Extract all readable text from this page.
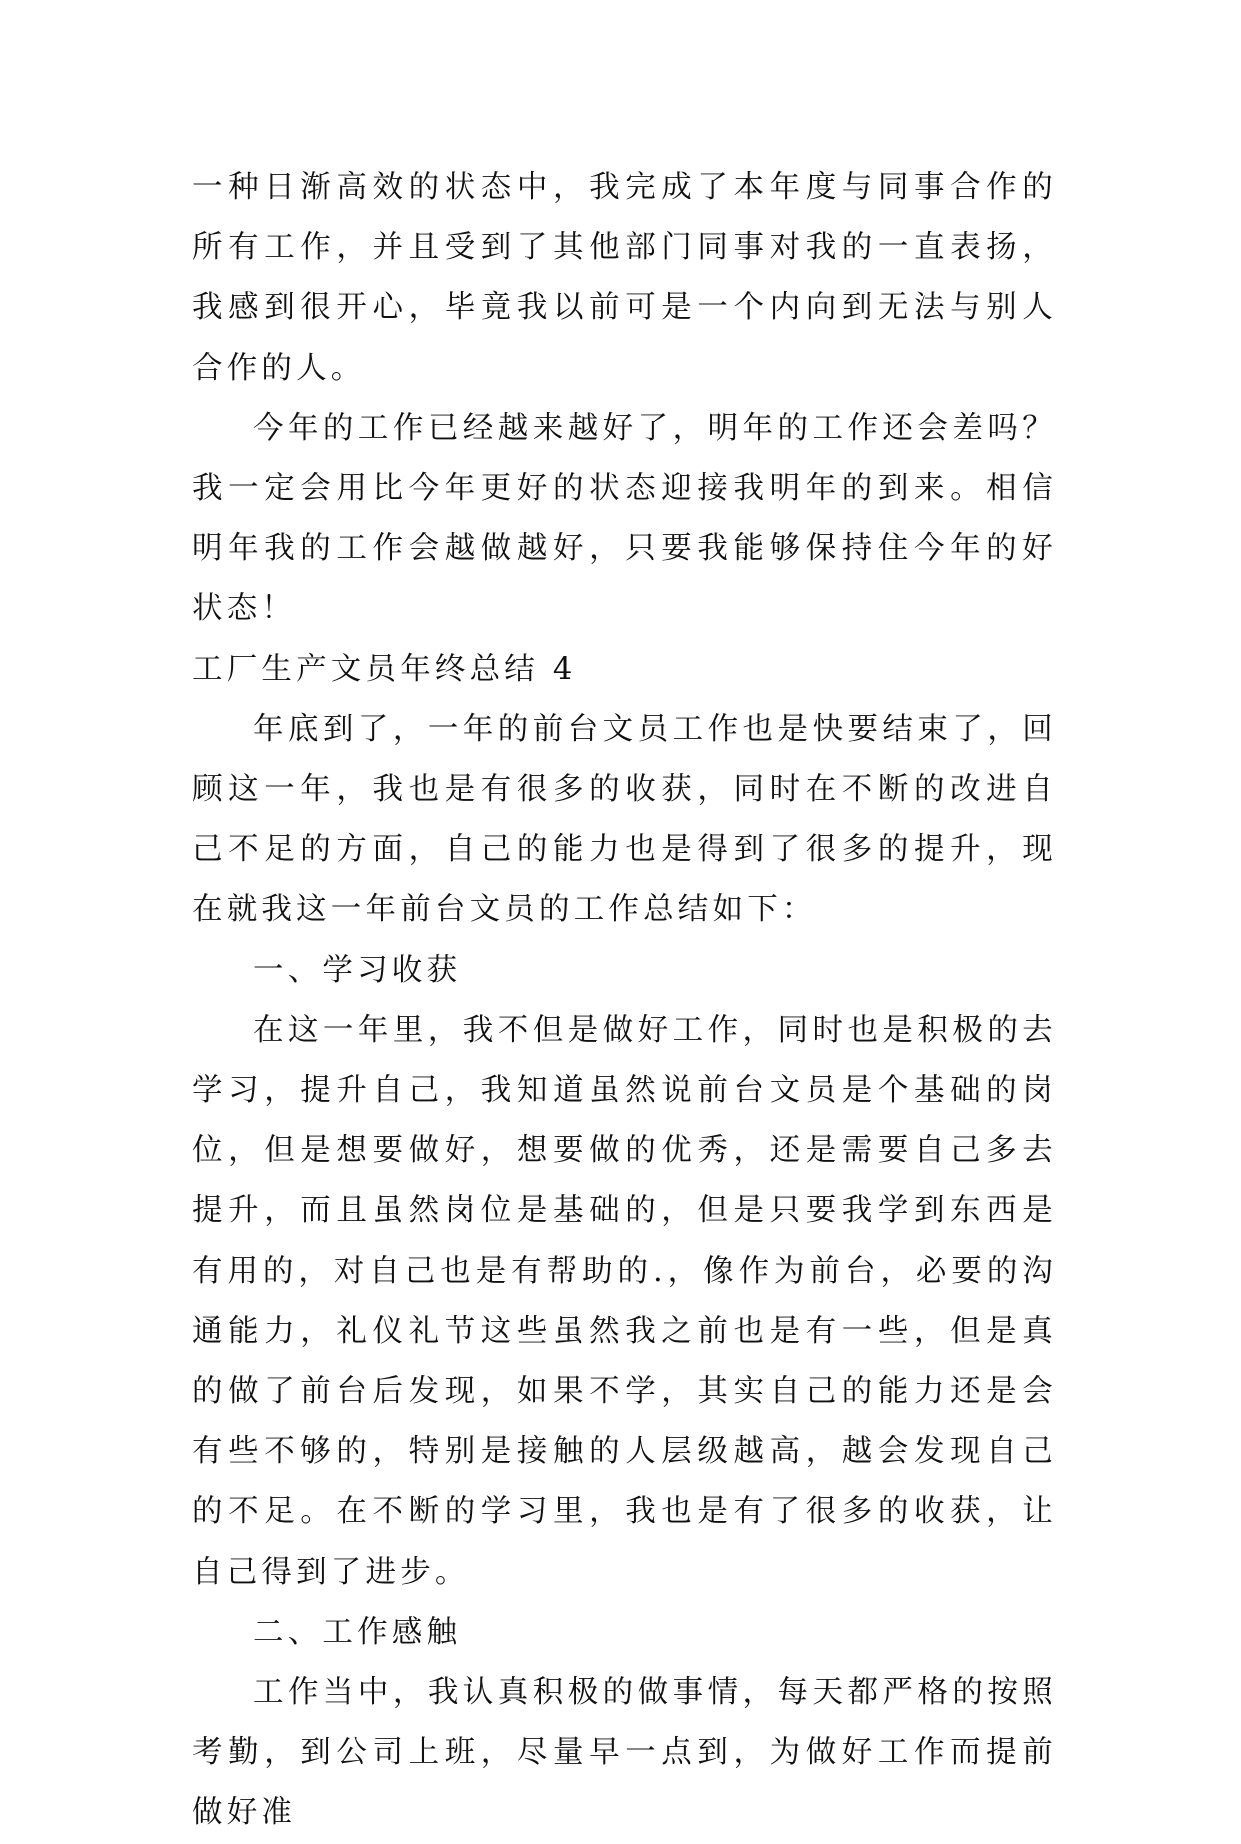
一种日渐高效的状态中，我完成了本年度与同事合作的所有工作，并且受到了其他部门同事对我的一直表扬，我感到很开心，毕竟我以前可是一个内向到无法与别人合作的人。

今年的工作已经越来越好了，明年的工作还会差吗？我一定会用比今年更好的状态迎接我明年的到来。相信明年我的工作会越做越好，只要我能够保持住今年的好状态！

工厂生产文员年终总结 4

年底到了，一年的前台文员工作也是快要结束了，回顾这一年，我也是有很多的收获，同时在不断的改进自己不足的方面，自己的能力也是得到了很多的提升，现在就我这一年前台文员的工作总结如下：

一、学习收获

在这一年里，我不但是做好工作，同时也是积极的去学习，提升自己，我知道虽然说前台文员是个基础的岗位，但是想要做好，想要做的优秀，还是需要自己多去提升，而且虽然岗位是基础的，但是只要我学到东西是有用的，对自己也是有帮助的.，像作为前台，必要的沟通能力，礼仪礼节这些虽然我之前也是有一些，但是真的做了前台后发现，如果不学，其实自己的能力还是会有些不够的，特别是接触的人层级越高，越会发现自己的不足。在不断的学习里，我也是有了很多的收获，让自己得到了进步。

二、工作感触

工作当中，我认真积极的做事情，每天都严格的按照考勤，到公司上班，尽量早一点到，为做好工作而提前做好准
